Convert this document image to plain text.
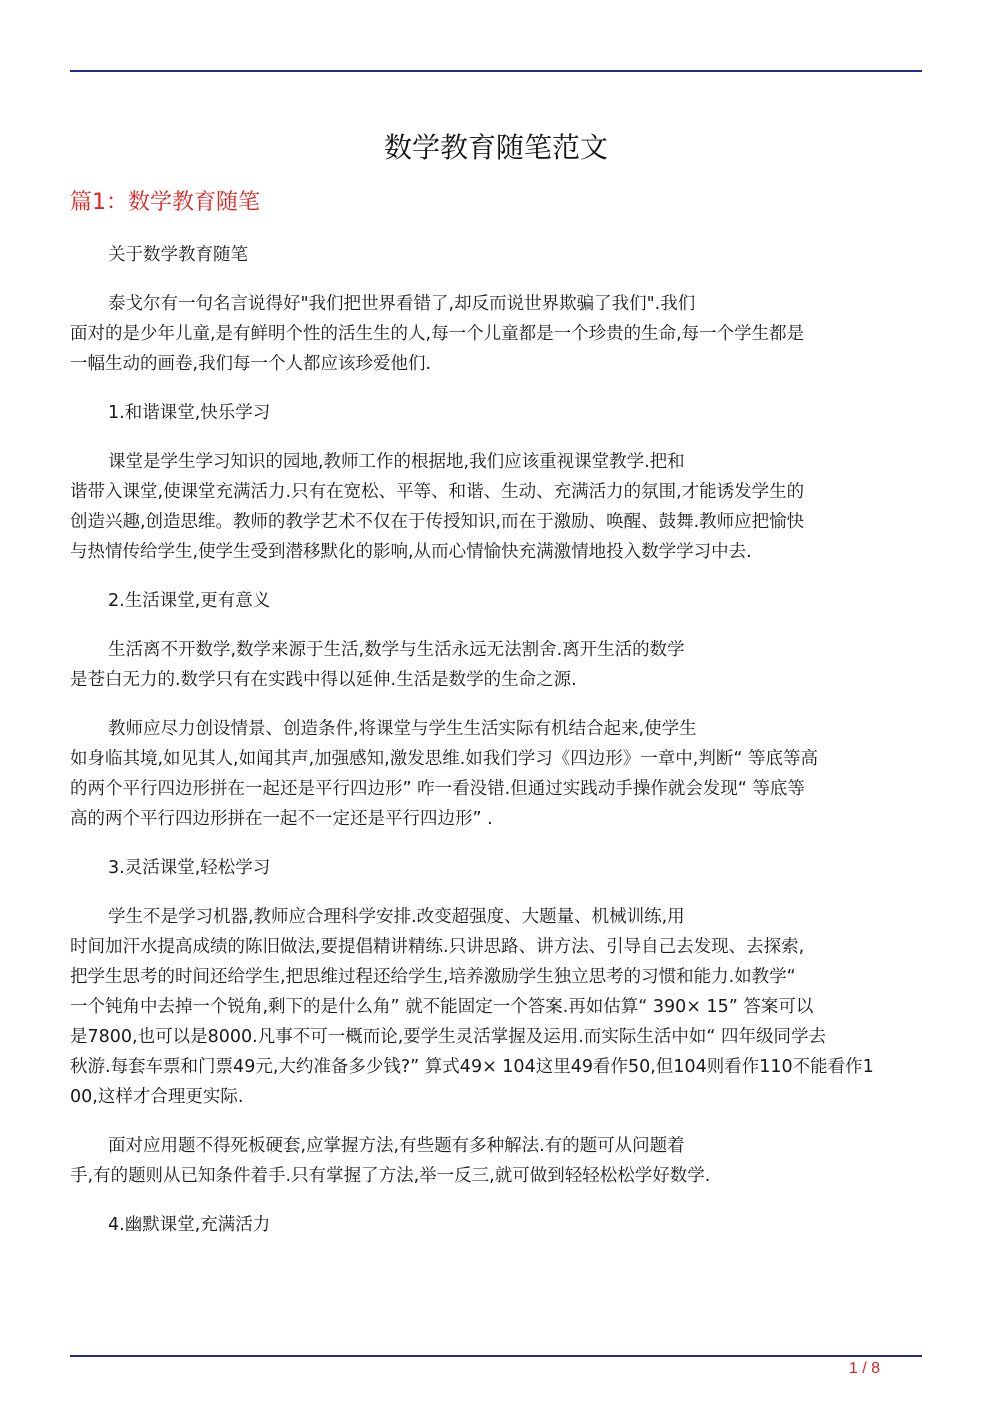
数学教育随笔范文
篇1：数学教育随笔
关于数学教育随笔
泰戈尔有一句名言说得好"我们把世界看错了,却反而说世界欺骗了我们".我们
面对的是少年儿童,是有鲜明个性的活生生的人,每一个儿童都是一个珍贵的生命,每一个学生都是
一幅生动的画卷,我们每一个人都应该珍爱他们.
1.和谐课堂,快乐学习
课堂是学生学习知识的园地,教师工作的根据地,我们应该重视课堂教学.把和
谐带入课堂,使课堂充满活力.只有在宽松、平等、和谐、生动、充满活力的氛围,才能诱发学生的
创造兴趣,创造思维。教师的教学艺术不仅在于传授知识,而在于激励、唤醒、鼓舞.教师应把愉快
与热情传给学生,使学生受到潜移默化的影响,从而心情愉快充满激情地投入数学学习中去.
2.生活课堂,更有意义
生活离不开数学,数学来源于生活,数学与生活永远无法割舍.离开生活的数学
是苍白无力的.数学只有在实践中得以延伸.生活是数学的生命之源.
教师应尽力创设情景、创造条件,将课堂与学生生活实际有机结合起来,使学生
如身临其境,如见其人,如闻其声,加强感知,激发思维.如我们学习《四边形》一章中,判断“ 等底等高
的两个平行四边形拼在一起还是平行四边形” 咋一看没错.但通过实践动手操作就会发现“ 等底等
高的两个平行四边形拼在一起不一定还是平行四边形” .
3.灵活课堂,轻松学习
学生不是学习机器,教师应合理科学安排.改变超强度、大题量、机械训练,用
时间加汗水提高成绩的陈旧做法,要提倡精讲精练.只讲思路、讲方法、引导自己去发现、去探索,
把学生思考的时间还给学生,把思维过程还给学生,培养激励学生独立思考的习惯和能力.如教学“
一个钝角中去掉一个锐角,剩下的是什么角” 就不能固定一个答案.再如估算“ 390× 15” 答案可以
是7800,也可以是8000.凡事不可一概而论,要学生灵活掌握及运用.而实际生活中如“ 四年级同学去
秋游.每套车票和门票49元,大约准备多少钱?” 算式49× 104这里49看作50,但104则看作110不能看作1
00,这样才合理更实际.
面对应用题不得死板硬套,应掌握方法,有些题有多种解法.有的题可从问题着
手,有的题则从已知条件着手.只有掌握了方法,举一反三,就可做到轻轻松松学好数学.
4.幽默课堂,充满活力
1 / 8
